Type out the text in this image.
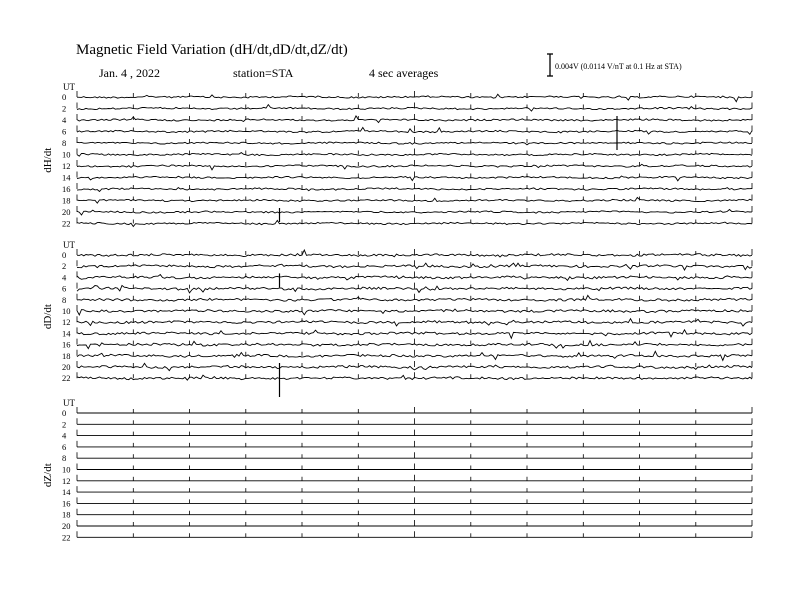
Magnetic Field Variation (dH/dt,dD/dt,dZ/dt)
Jan. 4 , 2022	station=STA	4 sec averages	0.004V (0.0114 V/nT at 0.1 Hz at STA)
UT
dH/dt
0
2
4
6
8
10
12
14
16
18
20
22
UT
dD/dt
0
2
4
6
8
10
12
14
16
18
20
22
UT
dZ/dt
0
2
4
6
8
10
12
14
16
18
20
22
